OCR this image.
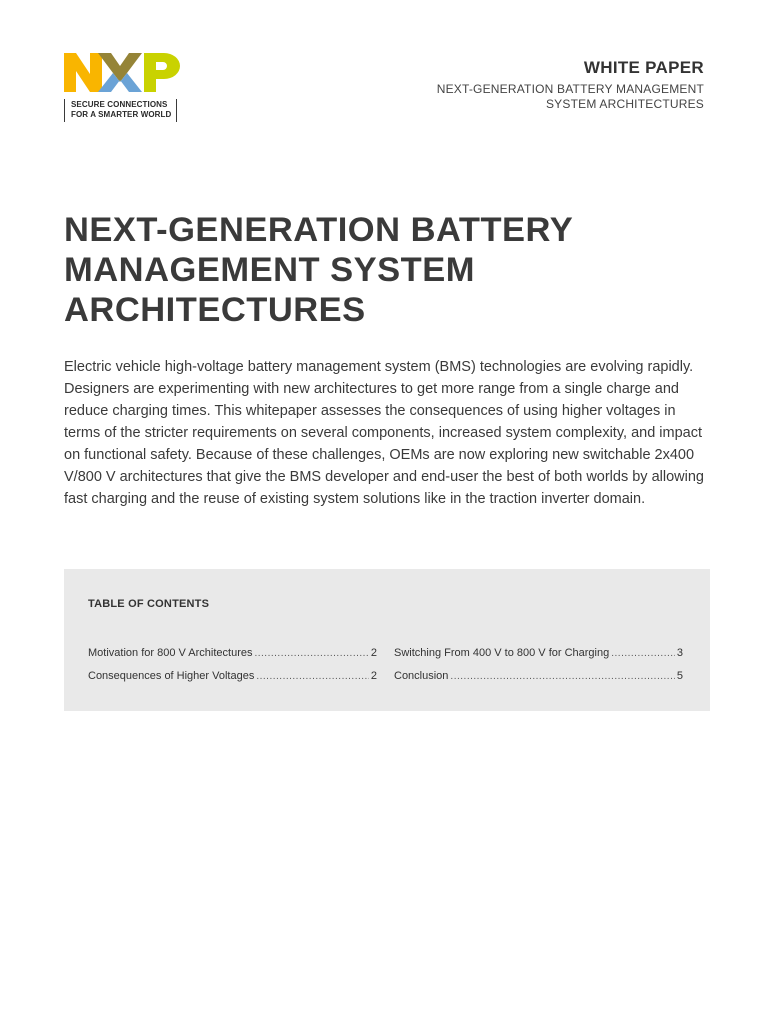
SECURE CONNECTIONS
FOR A SMARTER WORLD
WHITE PAPER
NEXT-GENERATION BATTERY MANAGEMENT SYSTEM ARCHITECTURES
NEXT-GENERATION BATTERY MANAGEMENT SYSTEM ARCHITECTURES

Electric vehicle high-voltage battery management system (BMS) technologies are evolving rapidly. Designers are experimenting with new architectures to get more range from a single charge and reduce charging times. This whitepaper assesses the consequences of using higher voltages in terms of the stricter requirements on several components, increased system complexity, and impact on functional safety. Because of these challenges, OEMs are now exploring new switchable 2x400 V/800 V architectures that give the BMS developer and end-user the best of both worlds by allowing fast charging and the reuse of existing system solutions like in the traction inverter domain.

TABLE OF CONTENTS
Motivation for 800 V Architectures .....	2
Consequences of Higher Voltages .....	2
Switching From 400 V to 800 V for Charging .....	3
Conclusion .....	5
